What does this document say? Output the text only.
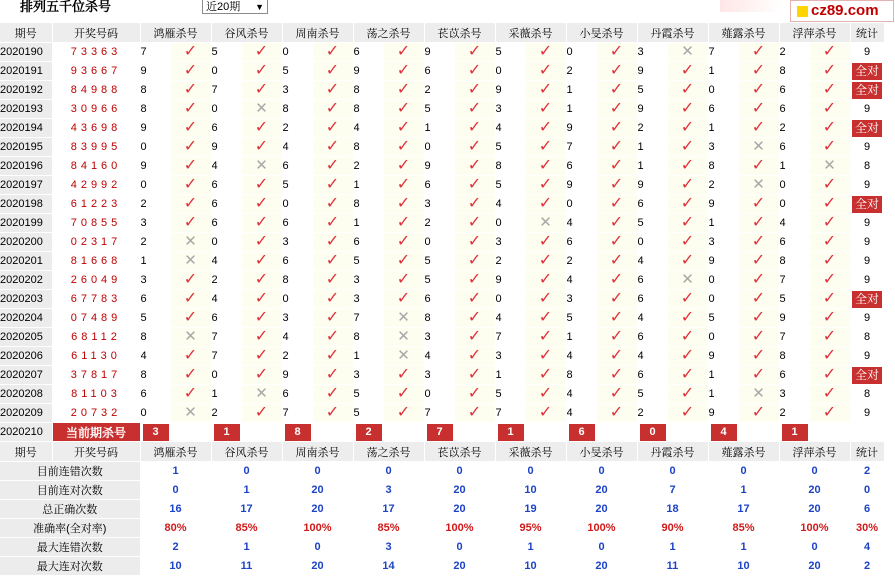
排列五千位杀号	近20期 ▼	cz89.com
期号	开奖号码	鸿雁杀号		谷风杀号		周南杀号		荡之杀号		苌苡杀号		采薇杀号		小旻杀号		丹霞杀号		薤露杀号		浮萍杀号		统计
2020190	73363	7	✓	5	✓	0	✓	6	✓	9	✓	5	✓	0	✓	3	✕	7	✓	2	✓	9
2020191	93667	9	✓	0	✓	5	✓	9	✓	6	✓	0	✓	2	✓	9	✓	1	✓	8	✓	全对
2020192	84988	8	✓	7	✓	3	✓	8	✓	2	✓	9	✓	1	✓	5	✓	0	✓	6	✓	全对
2020193	30966	8	✓	0	✕	8	✓	8	✓	5	✓	3	✓	1	✓	9	✓	6	✓	6	✓	9
2020194	43698	9	✓	6	✓	2	✓	4	✓	1	✓	4	✓	9	✓	2	✓	1	✓	2	✓	全对
2020195	83995	0	✓	9	✓	4	✓	8	✓	0	✓	5	✓	7	✓	1	✓	3	✕	6	✓	9
2020196	84160	9	✓	4	✕	6	✓	2	✓	9	✓	8	✓	6	✓	1	✓	8	✓	1	✕	8
2020197	42992	0	✓	6	✓	5	✓	1	✓	6	✓	5	✓	9	✓	9	✓	2	✕	0	✓	9
2020198	61223	2	✓	6	✓	0	✓	8	✓	3	✓	4	✓	0	✓	6	✓	9	✓	0	✓	全对
2020199	70855	3	✓	6	✓	6	✓	1	✓	2	✓	0	✕	4	✓	5	✓	1	✓	4	✓	9
2020200	02317	2	✕	0	✓	3	✓	6	✓	0	✓	3	✓	6	✓	0	✓	3	✓	6	✓	9
2020201	81668	1	✕	4	✓	6	✓	5	✓	5	✓	2	✓	2	✓	4	✓	9	✓	8	✓	9
2020202	26049	3	✓	2	✓	8	✓	3	✓	5	✓	9	✓	4	✓	6	✕	0	✓	7	✓	9
2020203	67783	6	✓	4	✓	0	✓	3	✓	6	✓	0	✓	3	✓	6	✓	0	✓	5	✓	全对
2020204	07489	5	✓	6	✓	3	✓	7	✕	8	✓	4	✓	5	✓	4	✓	5	✓	9	✓	9
2020205	68112	8	✕	7	✓	4	✓	8	✕	3	✓	7	✓	1	✓	6	✓	0	✓	7	✓	8
2020206	61130	4	✓	7	✓	2	✓	1	✕	4	✓	3	✓	4	✓	4	✓	9	✓	8	✓	9
2020207	37817	8	✓	0	✓	9	✓	3	✓	3	✓	1	✓	8	✓	6	✓	1	✓	6	✓	全对
2020208	81103	6	✓	1	✕	6	✓	5	✓	0	✓	5	✓	4	✓	5	✓	1	✕	3	✓	8
2020209	20732	0	✕	2	✓	7	✓	5	✓	7	✓	7	✓	4	✓	2	✓	9	✓	2	✓	9
2020210	当前期杀号	3		1		8		2		7		1		6		0		4		1		
期号	开奖号码	鸿雁杀号		谷风杀号		周南杀号		荡之杀号		苌苡杀号		采薇杀号		小旻杀号		丹霞杀号		薤露杀号		浮萍杀号		统计
目前连错次数		1		0		0		0		0		0		0		0		0		0		2
目前连对次数		0		1		20		3		20		10		20		7		1		20		0
总正确次数		16		17		20		17		20		19		20		18		17		20		6
准确率(全对率)		80%		85%		100%		85%		100%		95%		100%		90%		85%		100%		30%
最大连错次数		2		1		0		3		0		1		0		1		1		0		4
最大连对次数		10		11		20		14		20		10		20		11		10		20		2
